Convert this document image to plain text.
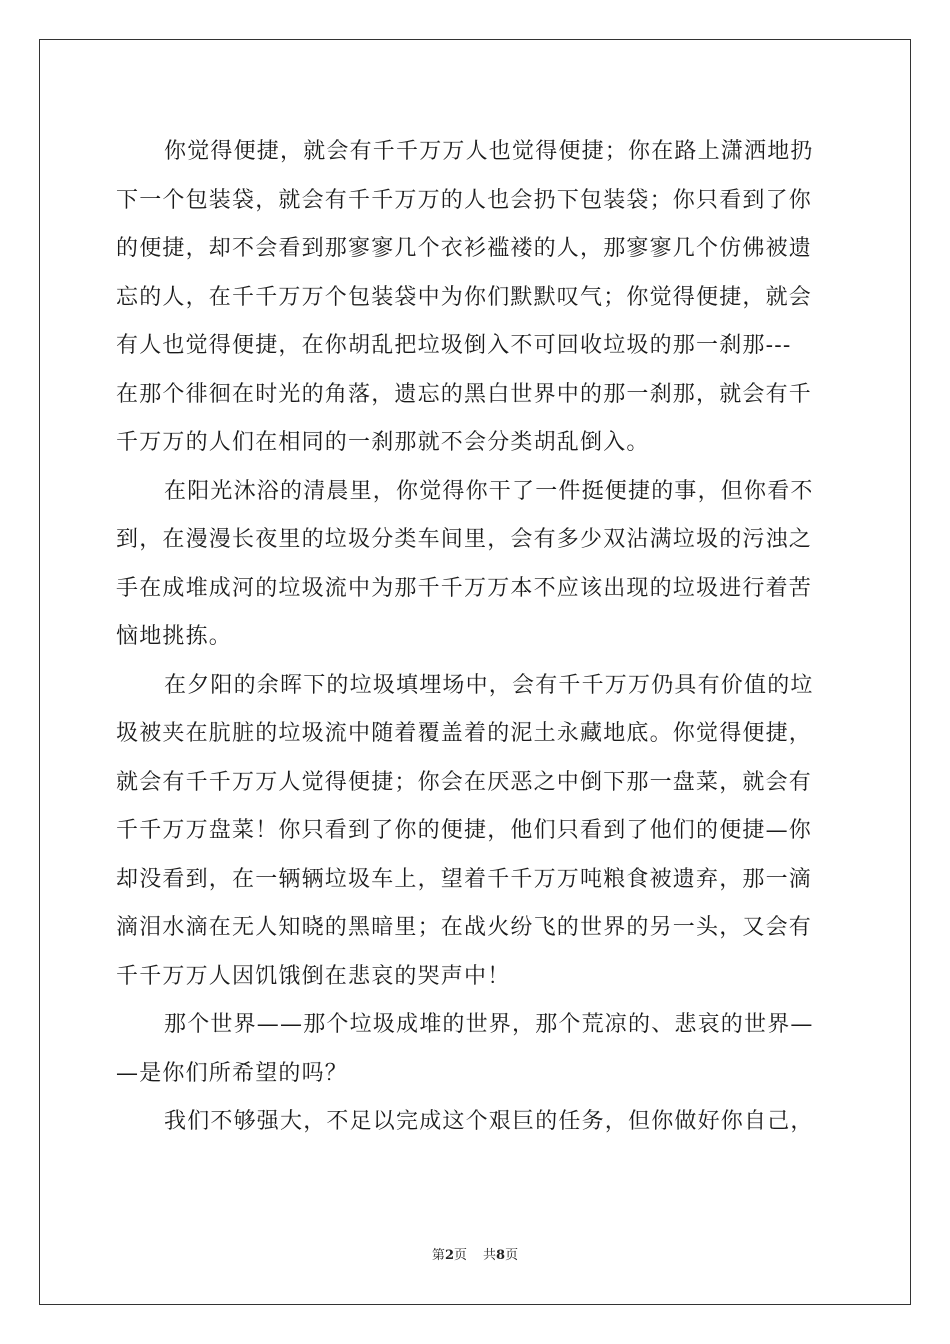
你觉得便捷，就会有千千万万人也觉得便捷；你在路上潇洒地扔
下一个包装袋，就会有千千万万的人也会扔下包装袋；你只看到了你
的便捷，却不会看到那寥寥几个衣衫褴褛的人，那寥寥几个仿佛被遗
忘的人，在千千万万个包装袋中为你们默默叹气；你觉得便捷，就会
有人也觉得便捷，在你胡乱把垃圾倒入不可回收垃圾的那一刹那---
在那个徘徊在时光的角落，遗忘的黑白世界中的那一刹那，就会有千
千万万的人们在相同的一刹那就不会分类胡乱倒入。
在阳光沐浴的清晨里，你觉得你干了一件挺便捷的事，但你看不
到，在漫漫长夜里的垃圾分类车间里，会有多少双沾满垃圾的污浊之
手在成堆成河的垃圾流中为那千千万万本不应该出现的垃圾进行着苦
恼地挑拣。
在夕阳的余晖下的垃圾填埋场中，会有千千万万仍具有价值的垃
圾被夹在肮脏的垃圾流中随着覆盖着的泥土永藏地底。你觉得便捷，
就会有千千万万人觉得便捷；你会在厌恶之中倒下那一盘菜，就会有
千千万万盘菜！你只看到了你的便捷，他们只看到了他们的便捷—你
却没看到，在一辆辆垃圾车上，望着千千万万吨粮食被遗弃，那一滴
滴泪水滴在无人知晓的黑暗里；在战火纷飞的世界的另一头，又会有
千千万万人因饥饿倒在悲哀的哭声中！
那个世界——那个垃圾成堆的世界，那个荒凉的、悲哀的世界—
—是你们所希望的吗？
我们不够强大，不足以完成这个艰巨的任务，但你做好你自己，
第2页 共8页
